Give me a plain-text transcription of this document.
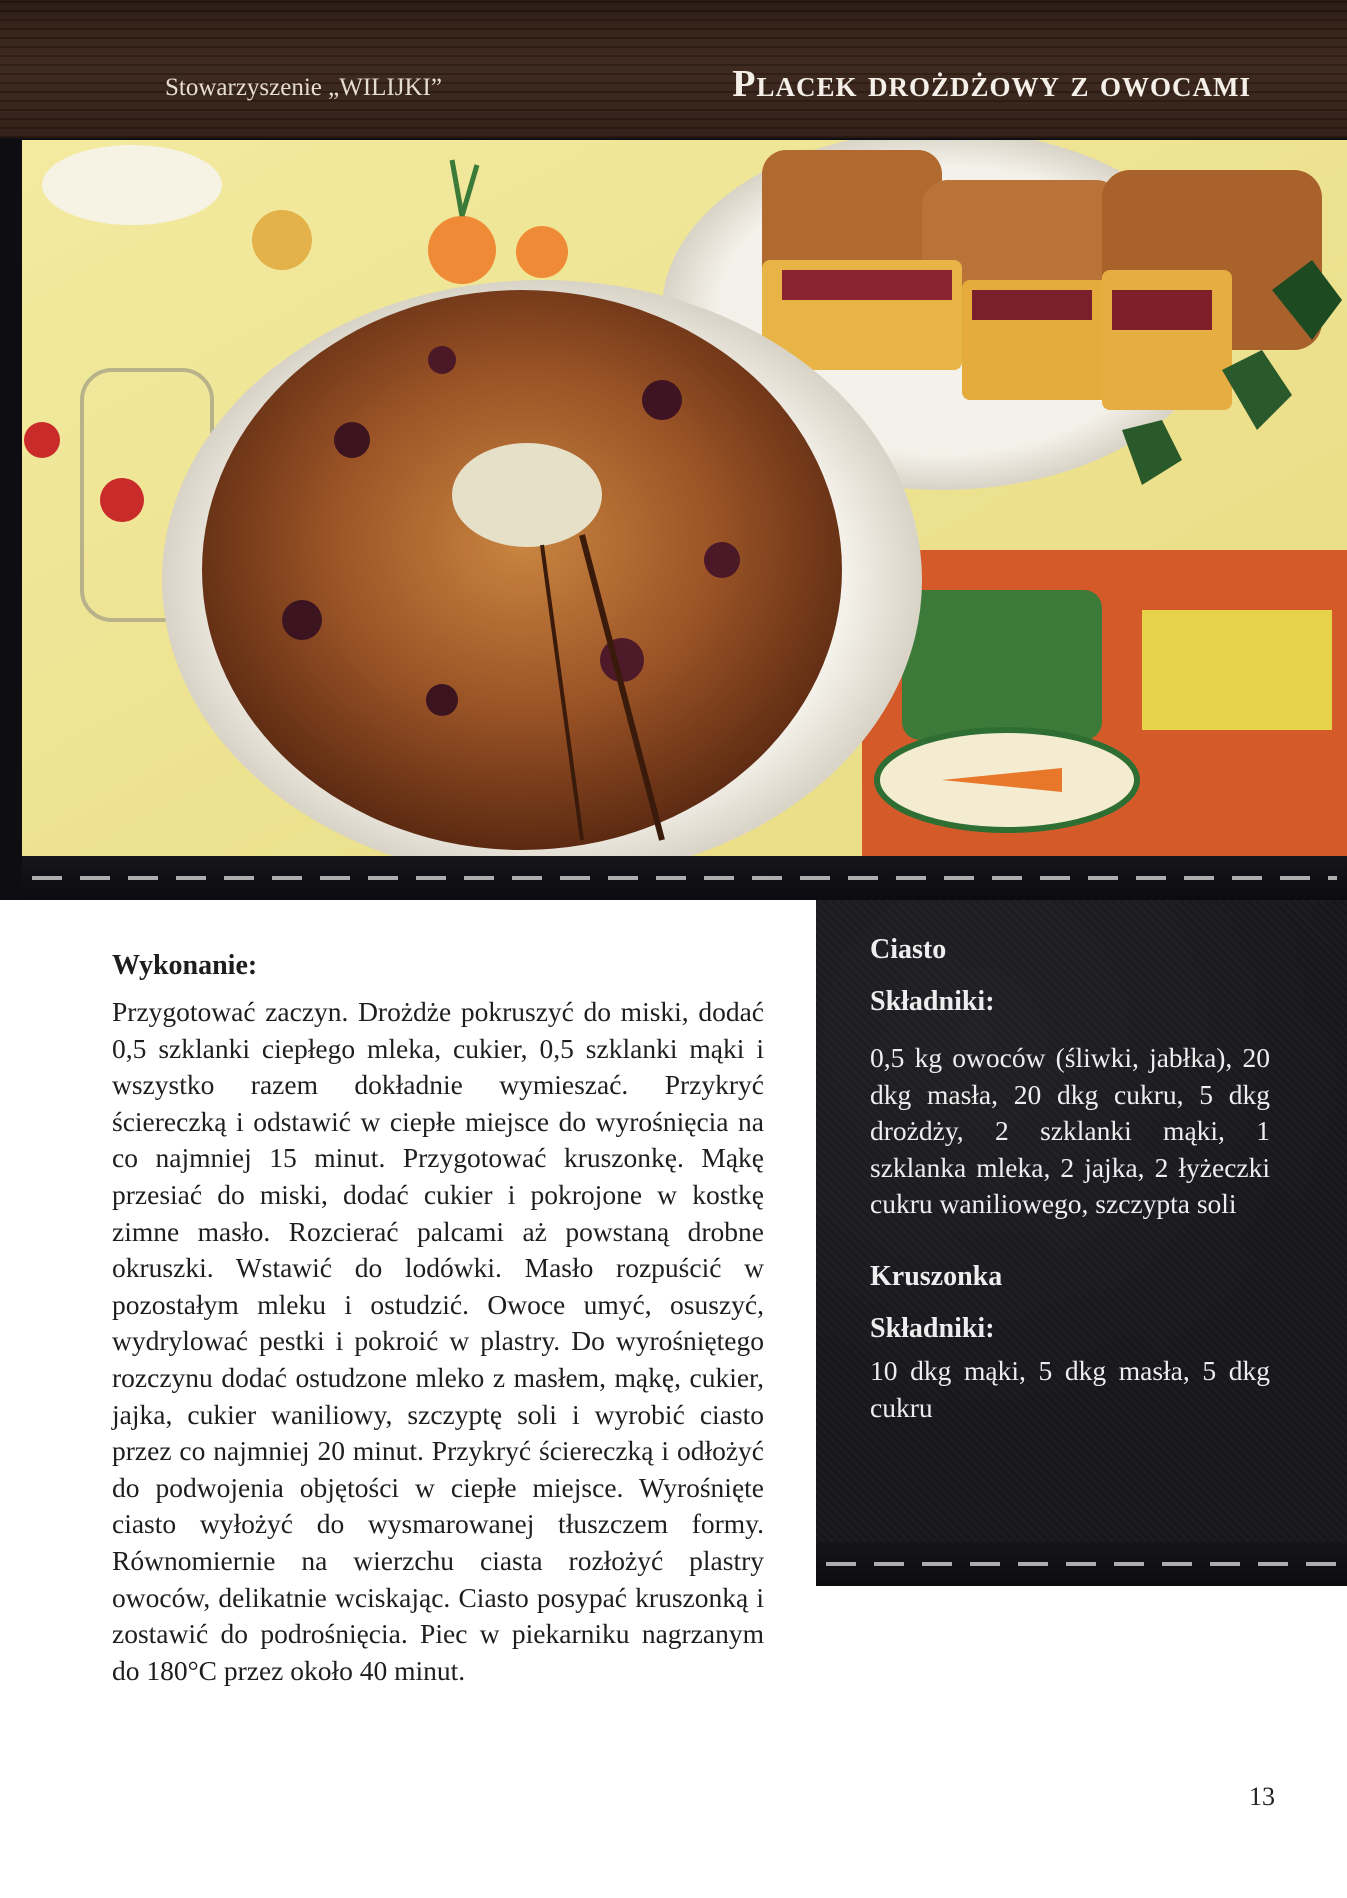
Stowarzyszenie „WILIJKI”	Placek drożdżowy z owocami
Wykonanie:

Przygotować zaczyn. Drożdże pokruszyć do miski, dodać 0,5 szklanki ciepłego mleka, cukier, 0,5 szklanki mąki i wszystko razem dokładnie wymieszać. Przykryć ściereczką i odstawić w ciepłe miejsce do wyrośnięcia na co najmniej 15 minut. Przygotować kruszonkę. Mąkę przesiać do miski, dodać cukier i pokrojone w kostkę zimne masło. Rozcierać palcami aż powstaną drobne okruszki. Wstawić do lodówki. Masło rozpuścić w pozostałym mleku i ostudzić. Owoce umyć, osuszyć, wydrylować pestki i pokroić w plastry. Do wyrośniętego rozczynu dodać ostudzone mleko z masłem, mąkę, cukier, jajka, cukier waniliowy, szczyptę soli i wyrobić ciasto przez co najmniej 20 minut. Przykryć ściereczką i odłożyć do podwojenia objętości w ciepłe miejsce. Wyrośnięte ciasto wyłożyć do wysmarowanej tłuszczem formy. Równomiernie na wierzchu ciasta rozłożyć plastry owoców, delikatnie wciskając. Ciasto posypać kruszonką i zostawić do podrośnięcia. Piec w piekarniku nagrzanym do 180°C przez około 40 minut.

Ciasto
Składniki:

0,5 kg owoców (śliwki, jabłka), 20 dkg masła, 20 dkg cukru, 5 dkg drożdży, 2 szklanki mąki, 1 szklanka mleka, 2 jajka, 2 łyżeczki cukru waniliowego, szczypta soli

Kruszonka
Składniki:

10 dkg mąki, 5 dkg masła, 5 dkg cukru

13
